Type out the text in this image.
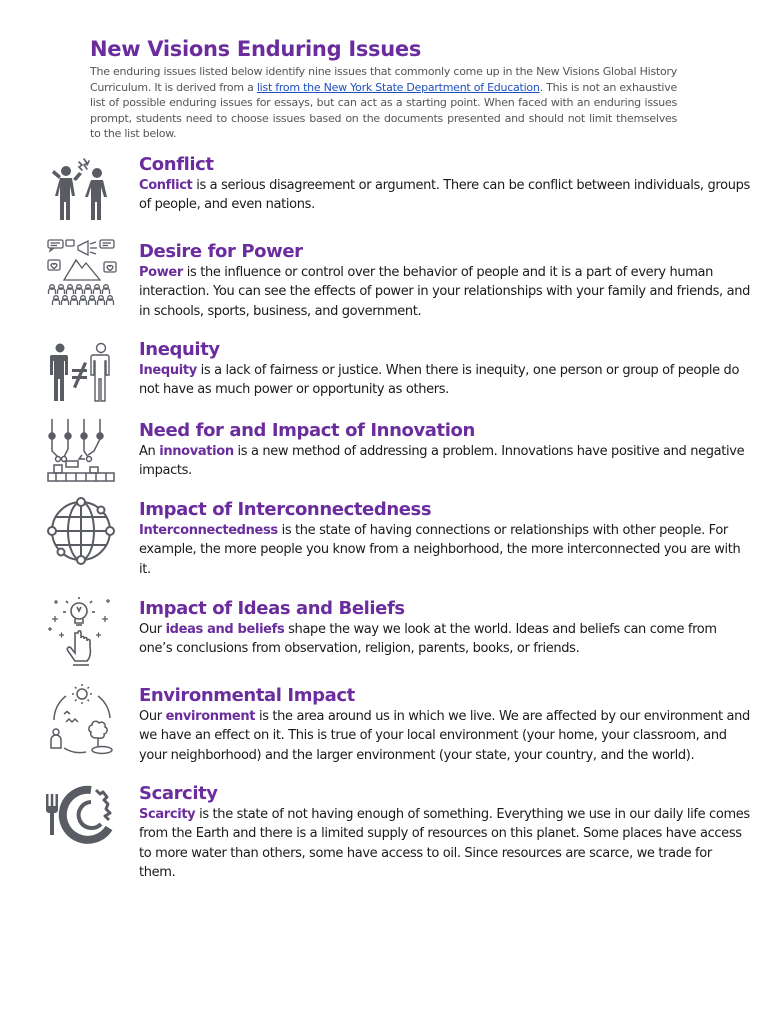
New Visions Enduring Issues

The enduring issues listed below identify nine issues that commonly come up in the New Visions Global History Curriculum. It is derived from a list from the New York State Department of Education. This is not an exhaustive list of possible enduring issues for essays, but can act as a starting point. When faced with an enduring issues prompt, students need to choose issues based on the documents presented and should not limit themselves to the list below.

Conflict

Conflict is a serious disagreement or argument. There can be conflict between individuals, groups of people, and even nations.

Desire for Power

Power is the influence or control over the behavior of people and it is a part of every human interaction. You can see the effects of power in your relationships with your family and friends, and in schools, sports, business, and government.

Inequity

Inequity is a lack of fairness or justice. When there is inequity, one person or group of people do not have as much power or opportunity as others.

Need for and Impact of Innovation

An innovation is a new method of addressing a problem. Innovations have positive and negative impacts.

Impact of Interconnectedness

Interconnectedness is the state of having connections or relationships with other people. For example, the more people you know from a neighborhood, the more interconnected you are with it.

Impact of Ideas and Beliefs

Our ideas and beliefs shape the way we look at the world. Ideas and beliefs can come from one’s conclusions from observation, religion, parents, books, or friends.

Environmental Impact

Our environment is the area around us in which we live. We are affected by our environment and we have an effect on it. This is true of your local environment (your home, your classroom, and your neighborhood) and the larger environment (your state, your country, and the world).

Scarcity

Scarcity is the state of not having enough of something. Everything we use in our daily life comes from the Earth and there is a limited supply of resources on this planet. Some places have access to more water than others, some have access to oil. Since resources are scarce, we trade for them.
